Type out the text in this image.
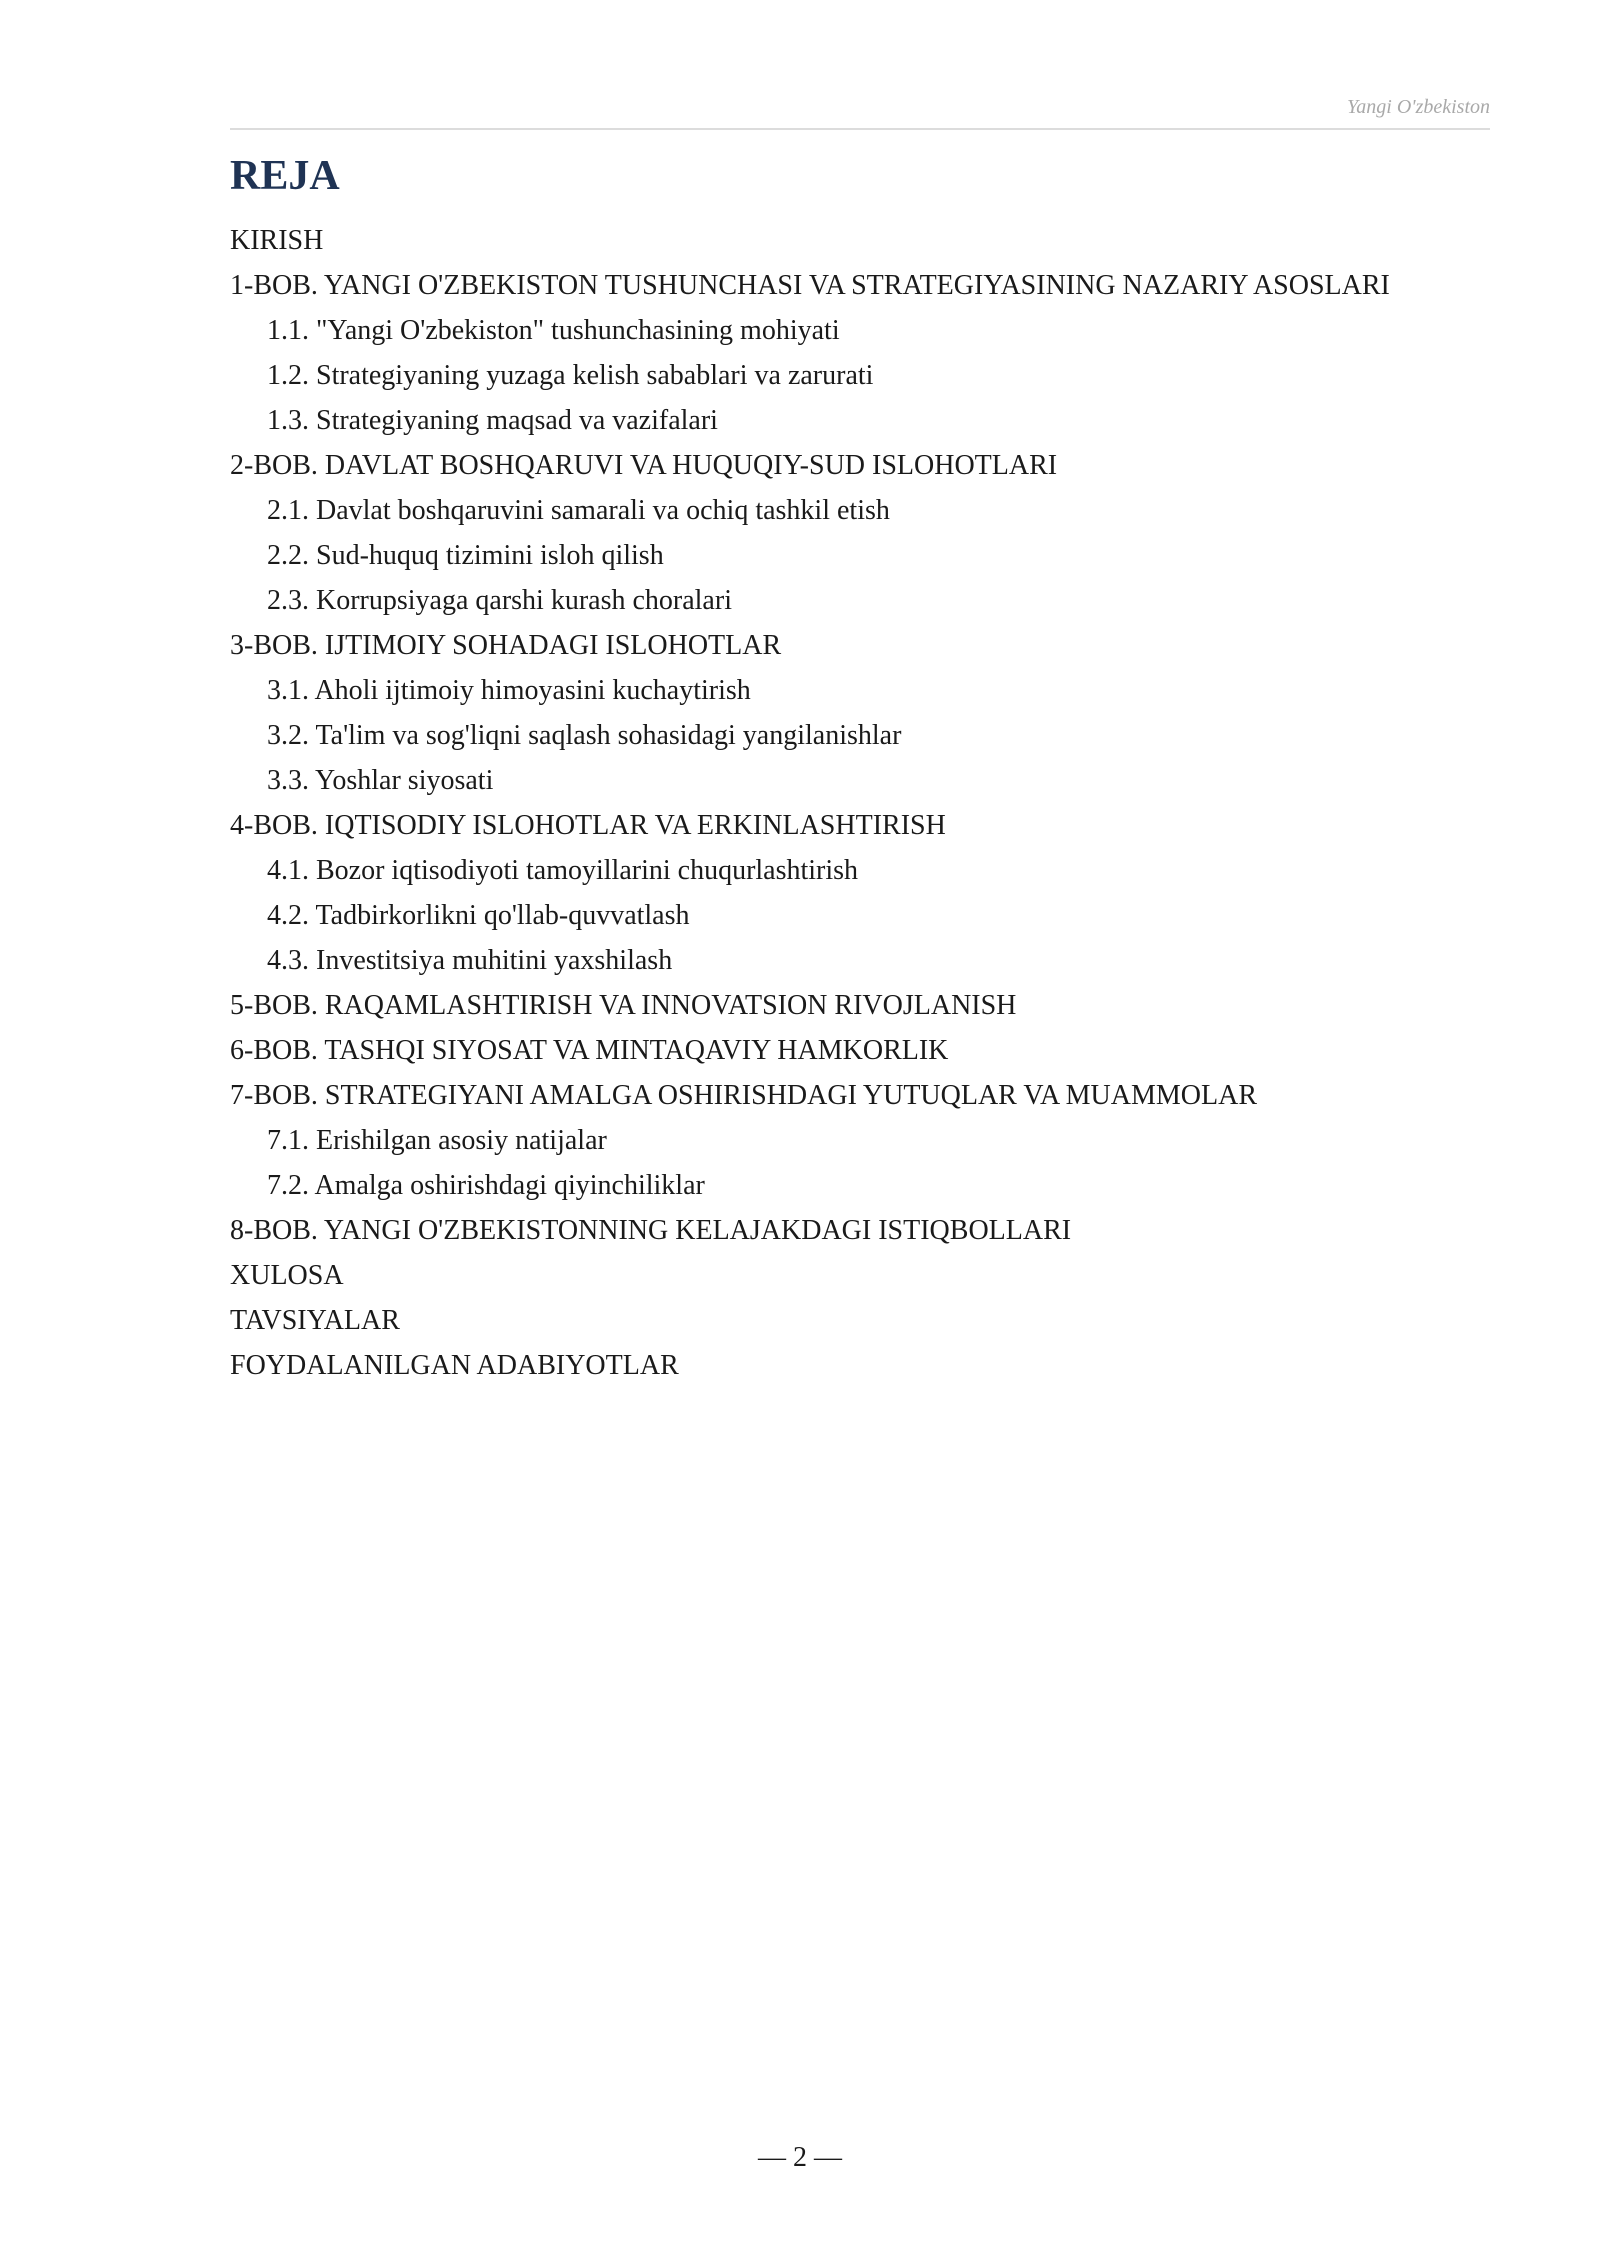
Yangi O'zbekiston
REJA
KIRISH
1-BOB. YANGI O'ZBEKISTON TUSHUNCHASI VA STRATEGIYASINING NAZARIY ASOSLARI
1.1. "Yangi O'zbekiston" tushunchasining mohiyati
1.2. Strategiyaning yuzaga kelish sabablari va zarurati
1.3. Strategiyaning maqsad va vazifalari
2-BOB. DAVLAT BOSHQARUVI VA HUQUQIY-SUD ISLOHOTLARI
2.1. Davlat boshqaruvini samarali va ochiq tashkil etish
2.2. Sud-huquq tizimini isloh qilish
2.3. Korrupsiyaga qarshi kurash choralari
3-BOB. IJTIMOIY SOHADAGI ISLOHOTLAR
3.1. Aholi ijtimoiy himoyasini kuchaytirish
3.2. Ta'lim va sog'liqni saqlash sohasidagi yangilanishlar
3.3. Yoshlar siyosati
4-BOB. IQTISODIY ISLOHOTLAR VA ERKINLASHTIRISH
4.1. Bozor iqtisodiyoti tamoyillarini chuqurlashtirish
4.2. Tadbirkorlikni qo'llab-quvvatlash
4.3. Investitsiya muhitini yaxshilash
5-BOB. RAQAMLASHTIRISH VA INNOVATSION RIVOJLANISH
6-BOB. TASHQI SIYOSAT VA MINTAQAVIY HAMKORLIK
7-BOB. STRATEGIYANI AMALGA OSHIRISHDAGI YUTUQLAR VA MUAMMOLAR
7.1. Erishilgan asosiy natijalar
7.2. Amalga oshirishdagi qiyinchiliklar
8-BOB. YANGI O'ZBEKISTONNING KELAJAKDAGI ISTIQBOLLARI
XULOSA
TAVSIYALAR
FOYDALANILGAN ADABIYOTLAR
— 2 —
